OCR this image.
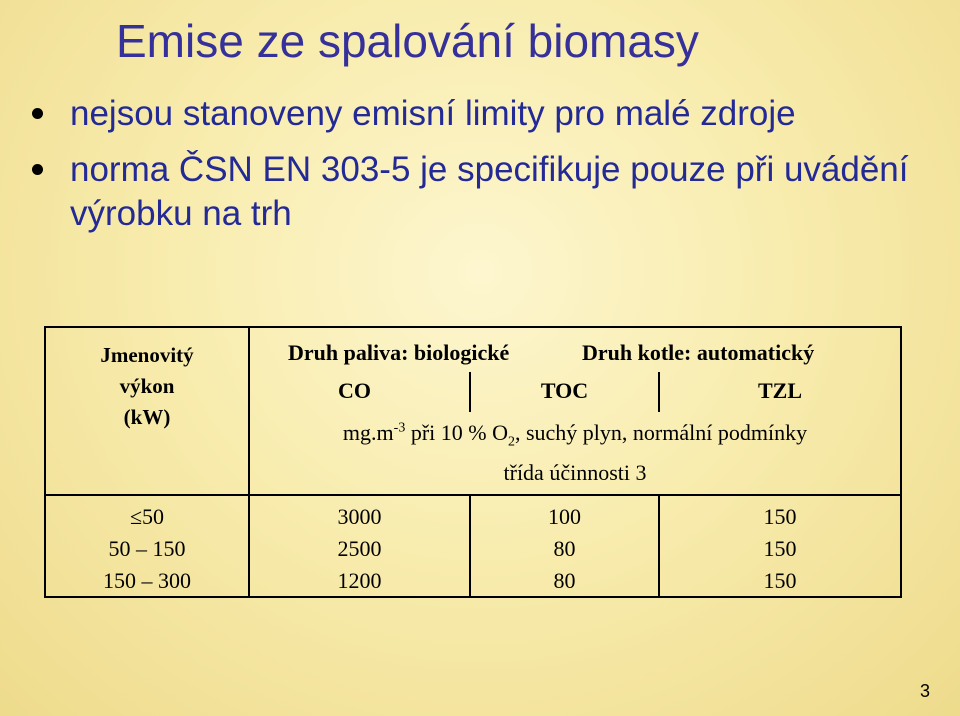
Emise ze spalování biomasy
nejsou stanoveny emisní limity pro malé zdroje
norma ČSN EN 303-5 je specifikuje pouze při uvádění výrobku na trh
Jmenovitý
výkon
(kW)
Druh paliva: biologické	Druh kotle: automatický
CO	TOC	TZL
$mg.m^{-3}$ při 10 % $O_2$, suchý plyn, normální podmínky
třída účinnosti 3
≤50	3000	100	150
50 – 150	2500	80	150
150 – 300	1200	80	150
3
